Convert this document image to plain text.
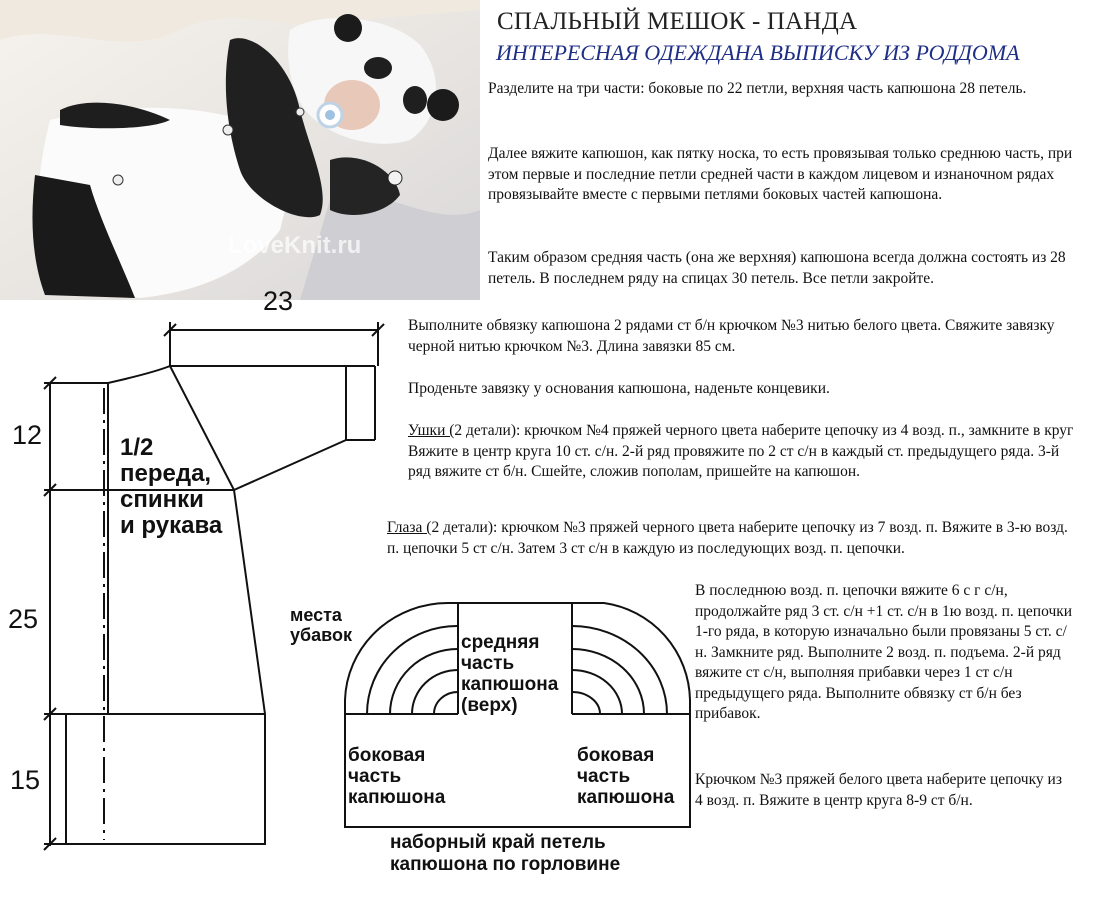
LoveKnit.ru
СПАЛЬНЫЙ МЕШОК - ПАНДА
ИНТЕРЕСНАЯ ОДЕЖДАНА ВЫПИСКУ ИЗ РОДДОМА
Разделите на три части: боковые по 22 петли, верхняя часть капюшона 28 петель.
Далее вяжите капюшон, как пятку носка, то есть провязывая только среднюю часть, при этом первые и последние петли средней части в каждом лицевом и изнаночном рядах провязывайте вместе с первыми петлями боковых частей капюшона.
Таким образом средняя часть (она же верхняя) капюшона всегда должна состоять из 28 петель. В последнем ряду на спицах 30 петель. Все петли закройте.
Выполните обвязку капюшона 2 рядами ст б/н крючком №3 нитью белого цвета. Свяжите завязку черной нитью крючком №3. Длина завязки 85 см.
Проденьте завязку у основания капюшона, наденьте концевики.
Ушки (2 детали): крючком №4 пряжей черного цвета наберите цепочку из 4 возд. п., замкните в круг Вяжите в центр круга 10 ст. с/н. 2-й ряд провяжите по 2 ст с/н в каждый ст. предыдущего ряда. 3-й ряд вяжите ст б/н. Сшейте, сложив пополам, пришейте на капюшон.
Глаза (2 детали): крючком №3 пряжей черного цвета наберите цепочку из 7 возд. п. Вяжите в 3-ю возд. п. цепочки 5 ст с/н. Затем 3 ст с/н в каждую из последующих возд. п. цепочки.
В последнюю возд. п. цепочки вяжите 6 с г с/н, продолжайте ряд 3 ст. с/н +1 ст. с/н в 1ю возд. п. цепочки 1-го ряда, в которую изначально были провязаны 5 ст. с/н. Замкните ряд. Выполните 2 возд. п. подъема. 2-й ряд вяжите ст с/н, выполняя прибавки через 1 ст с/н предыдущего ряда. Выполните обвязку ст б/н без прибавок.
Крючком №3 пряжей белого цвета наберите цепочку из 4 возд. п. Вяжите в центр круга 8-9 ст б/н.
23
12
25
15
1/2
переда,
спинки
и рукава
места
убавок	средняя
часть
капюшона
(верх)
боковая
часть
капюшона
боковая
часть
капюшона
наборный край петель
капюшона по горловине
